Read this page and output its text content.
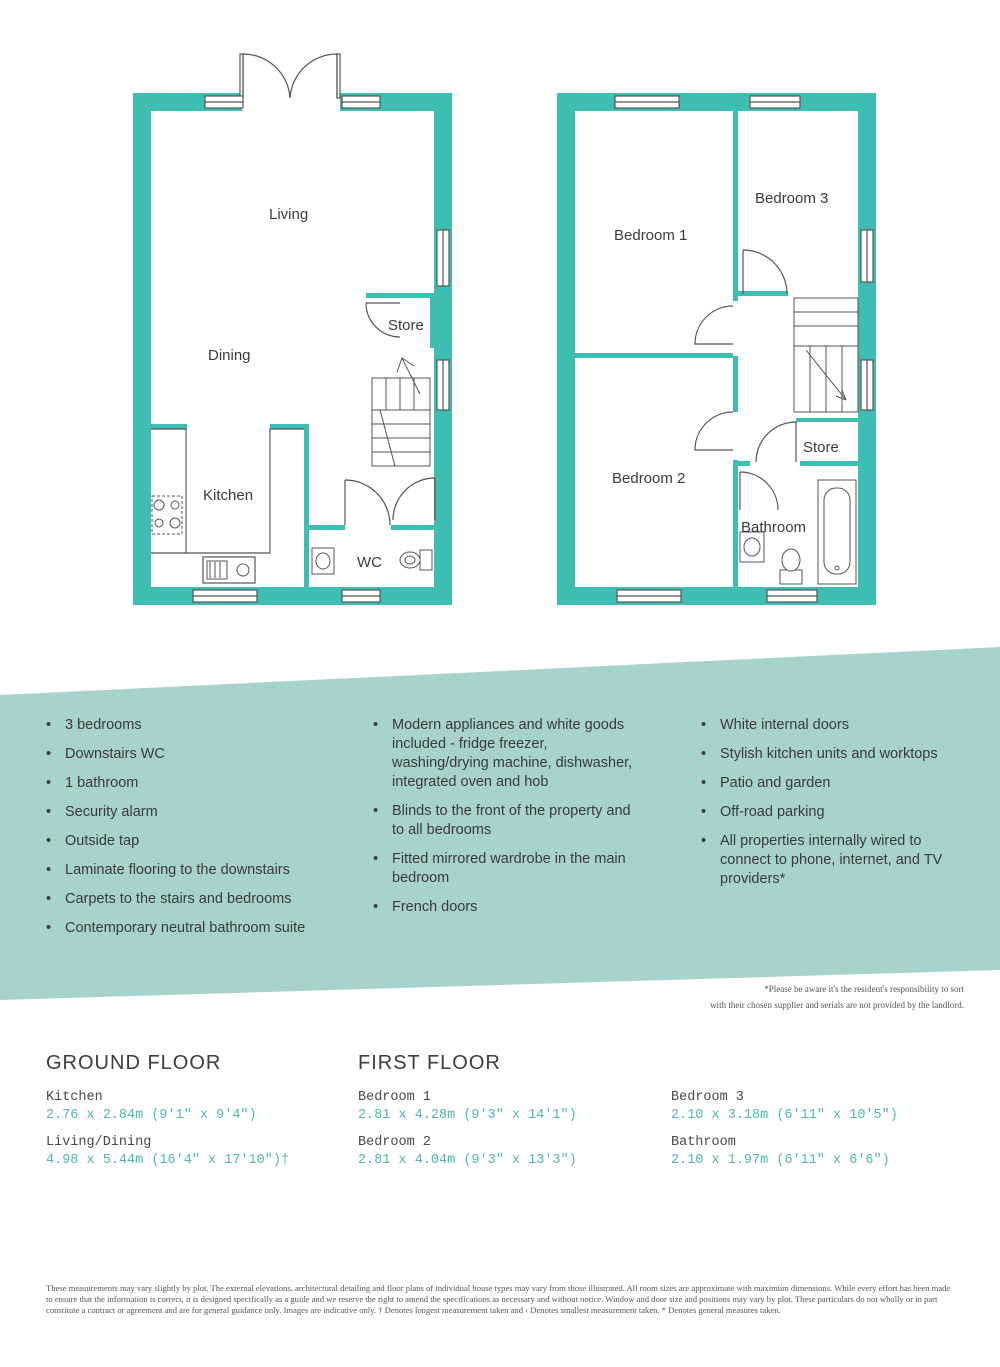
Living
Dining
Kitchen
Store
WC
Bedroom 1
Bedroom 3
Bedroom 2
Store
Bathroom
• 3 bedrooms
• Downstairs WC
• 1 bathroom
• Security alarm
• Outside tap
• Laminate flooring to the downstairs
• Carpets to the stairs and bedrooms
• Contemporary neutral bathroom suite
• Modern appliances and white goods included - fridge freezer, washing/drying machine, dishwasher, integrated oven and hob
• Blinds to the front of the property and to all bedrooms
• Fitted mirrored wardrobe in the main bedroom
• French doors
• White internal doors
• Stylish kitchen units and worktops
• Patio and garden
• Off-road parking
• All properties internally wired to connect to phone, internet, and TV providers*
*Please be aware it's the resident's responsibility to sort
with their chosen supplier and serials are not provided by the landlord.
GROUND FLOOR	FIRST FLOOR
Kitchen
2.76 x 2.84m (9'1" x 9'4")
Living/Dining
4.98 x 5.44m (16'4" x 17'10")†
Bedroom 1
2.81 x 4.28m (9'3" x 14'1")
Bedroom 2
2.81 x 4.04m (9'3" x 13'3")
Bedroom 3
2.10 x 3.18m (6'11" x 10'5")
Bathroom
2.10 x 1.97m (6'11" x 6'6")
These measurements may vary slightly by plot. The external elevations, architectural detailing and floor plans of individual house types may vary from those illustrated. All room sizes are approximate with maximum dimensions. While every effort has been made to ensure that the information is correct, it is designed specifically as a guide and we reserve the right to amend the specifications as necessary and without notice. Window and door size and positions may vary by plot. These particulars do not wholly or in part constitute a contract or agreement and are for general guidance only. Images are indicative only. † Denotes longest measurement taken and ‹ Denotes smallest measurement taken. * Denotes general measures taken.
